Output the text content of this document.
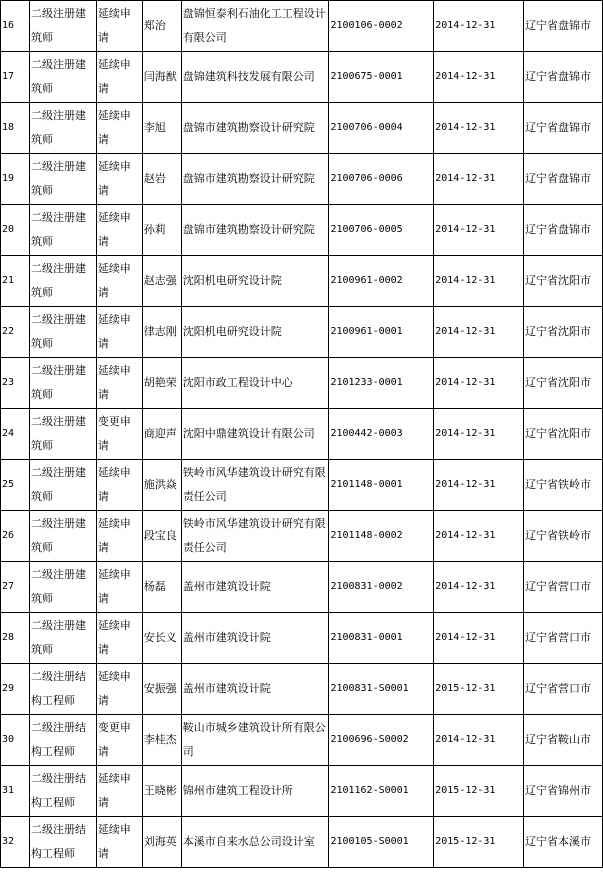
16	二级注册建筑师	延续申请	郑治	盘锦恒泰利石油化工工程设计有限公司	2100106-0002	2014-12-31	辽宁省盘锦市
17	二级注册建筑师	延续申请	闫海猷	盘锦建筑科技发展有限公司	2100675-0001	2014-12-31	辽宁省盘锦市
18	二级注册建筑师	延续申请	李旭	盘锦市建筑勘察设计研究院	2100706-0004	2014-12-31	辽宁省盘锦市
19	二级注册建筑师	延续申请	赵岩	盘锦市建筑勘察设计研究院	2100706-0006	2014-12-31	辽宁省盘锦市
20	二级注册建筑师	延续申请	孙莉	盘锦市建筑勘察设计研究院	2100706-0005	2014-12-31	辽宁省盘锦市
21	二级注册建筑师	延续申请	赵志强	沈阳机电研究设计院	2100961-0002	2014-12-31	辽宁省沈阳市
22	二级注册建筑师	延续申请	律志刚	沈阳机电研究设计院	2100961-0001	2014-12-31	辽宁省沈阳市
23	二级注册建筑师	延续申请	胡艳荣	沈阳市政工程设计中心	2101233-0001	2014-12-31	辽宁省沈阳市
24	二级注册建筑师	变更申请	商迎声	沈阳中鼎建筑设计有限公司	2100442-0003	2014-12-31	辽宁省沈阳市
25	二级注册建筑师	延续申请	施洪焱	铁岭市风华建筑设计研究有限责任公司	2101148-0001	2014-12-31	辽宁省铁岭市
26	二级注册建筑师	延续申请	段宝良	铁岭市风华建筑设计研究有限责任公司	2101148-0002	2014-12-31	辽宁省铁岭市
27	二级注册建筑师	延续申请	杨磊	盖州市建筑设计院	2100831-0002	2014-12-31	辽宁省营口市
28	二级注册建筑师	延续申请	安长义	盖州市建筑设计院	2100831-0001	2014-12-31	辽宁省营口市
29	二级注册结构工程师	延续申请	安振强	盖州市建筑设计院	2100831-S0001	2015-12-31	辽宁省营口市
30	二级注册结构工程师	变更申请	李桂杰	鞍山市城乡建筑设计所有限公司	2100696-S0002	2014-12-31	辽宁省鞍山市
31	二级注册结构工程师	延续申请	王晓彬	锦州市建筑工程设计所	2101162-S0001	2015-12-31	辽宁省锦州市
32	二级注册结构工程师	延续申请	刘海英	本溪市自来水总公司设计室	2100105-S0001	2015-12-31	辽宁省本溪市
